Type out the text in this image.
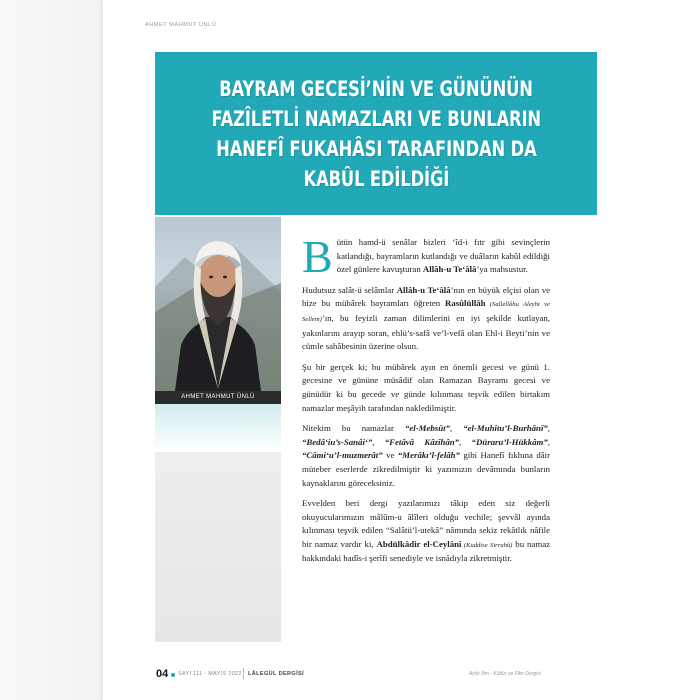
AHMET MAHMUT ÜNLÜ
BAYRAM GECESİ’NİN VE GÜNÜNÜN
FAZÎLETLİ NAMAZLARI VE BUNLARIN
HANEFÎ FUKAHÂSI TARAFINDAN DA
KABÛL EDİLDİĞİ
AHMET MAHMUT ÜNLÜ

Bütün hamd-ü senâlar bizleri ‘îd-i fıtr gibi sevinçlerin katlandığı, bayramların kutlandığı ve duâların kabûl edildiği özel günlere kavuşturan Allâh-u Te‘âlâ’ya mahsustur.

Hudutsuz salât-ü selâmlar Allâh-u Te‘âlâ’nın en büyük elçisi olan ve bize bu mübârek bayramları öğreten Rasûlüllâh (Sallellâhu Aleyhi ve Sellem)’ın, bu feyizli zaman dilimlerini en iyi şekilde kutlayan, yakınlarını arayıp soran, ehlü’s-safâ ve’l-vefâ olan Ehl-i Beyti’nin ve cümle sahâbesinin üzerine olsun.

Şu bir gerçek ki; bu mübârek ayın en önemli gecesi ve günü 1. gecesine ve gününe müsâdif olan Ramazan Bayramı gecesi ve günüdür ki bu gecede ve günde kılınması teşvik edilen birtakım namazlar meşâyih tarafından nakledilmiştir.

Nitekim bu namazlar “el-Mebsût”, “el-Muhîtu’l-Burhânî”, “Bedâ‘iu’s-Sanâi‘”, “Fetâvâ Kâzîhân”, “Düraru’l-Hükkâm”, “Câmi‘u’l-muzmerât” ve “Merâkı’l-felâh” gibi Hanefî fıkhına dâir müteber eserlerde zikredilmiştir ki yazımızın devâmında bunların kaynaklarını göreceksiniz.

Evvelden beri dergi yazılarımızı tâkip eden siz değerli okuyucularımızın mâlûm-u âlîleri olduğu vechile; şevvâl ayında kılınması teşvik edilen “Salâtü’l-utekâ” nâmında sekiz rekâtlık nâfile bir namaz vardır ki, Abdülkâdir el-Ceylânî (Kuddise Sirruhû) bu namaz hakkındaki hadîs-i şerîfi senediyle ve isnâdıyla zikretmiştir.

04 SAYI 111 - MAYIS 2022 LÂLEGÜL DERGİSİ	Aylık İlim - Kültür ve Fikir Dergisi
